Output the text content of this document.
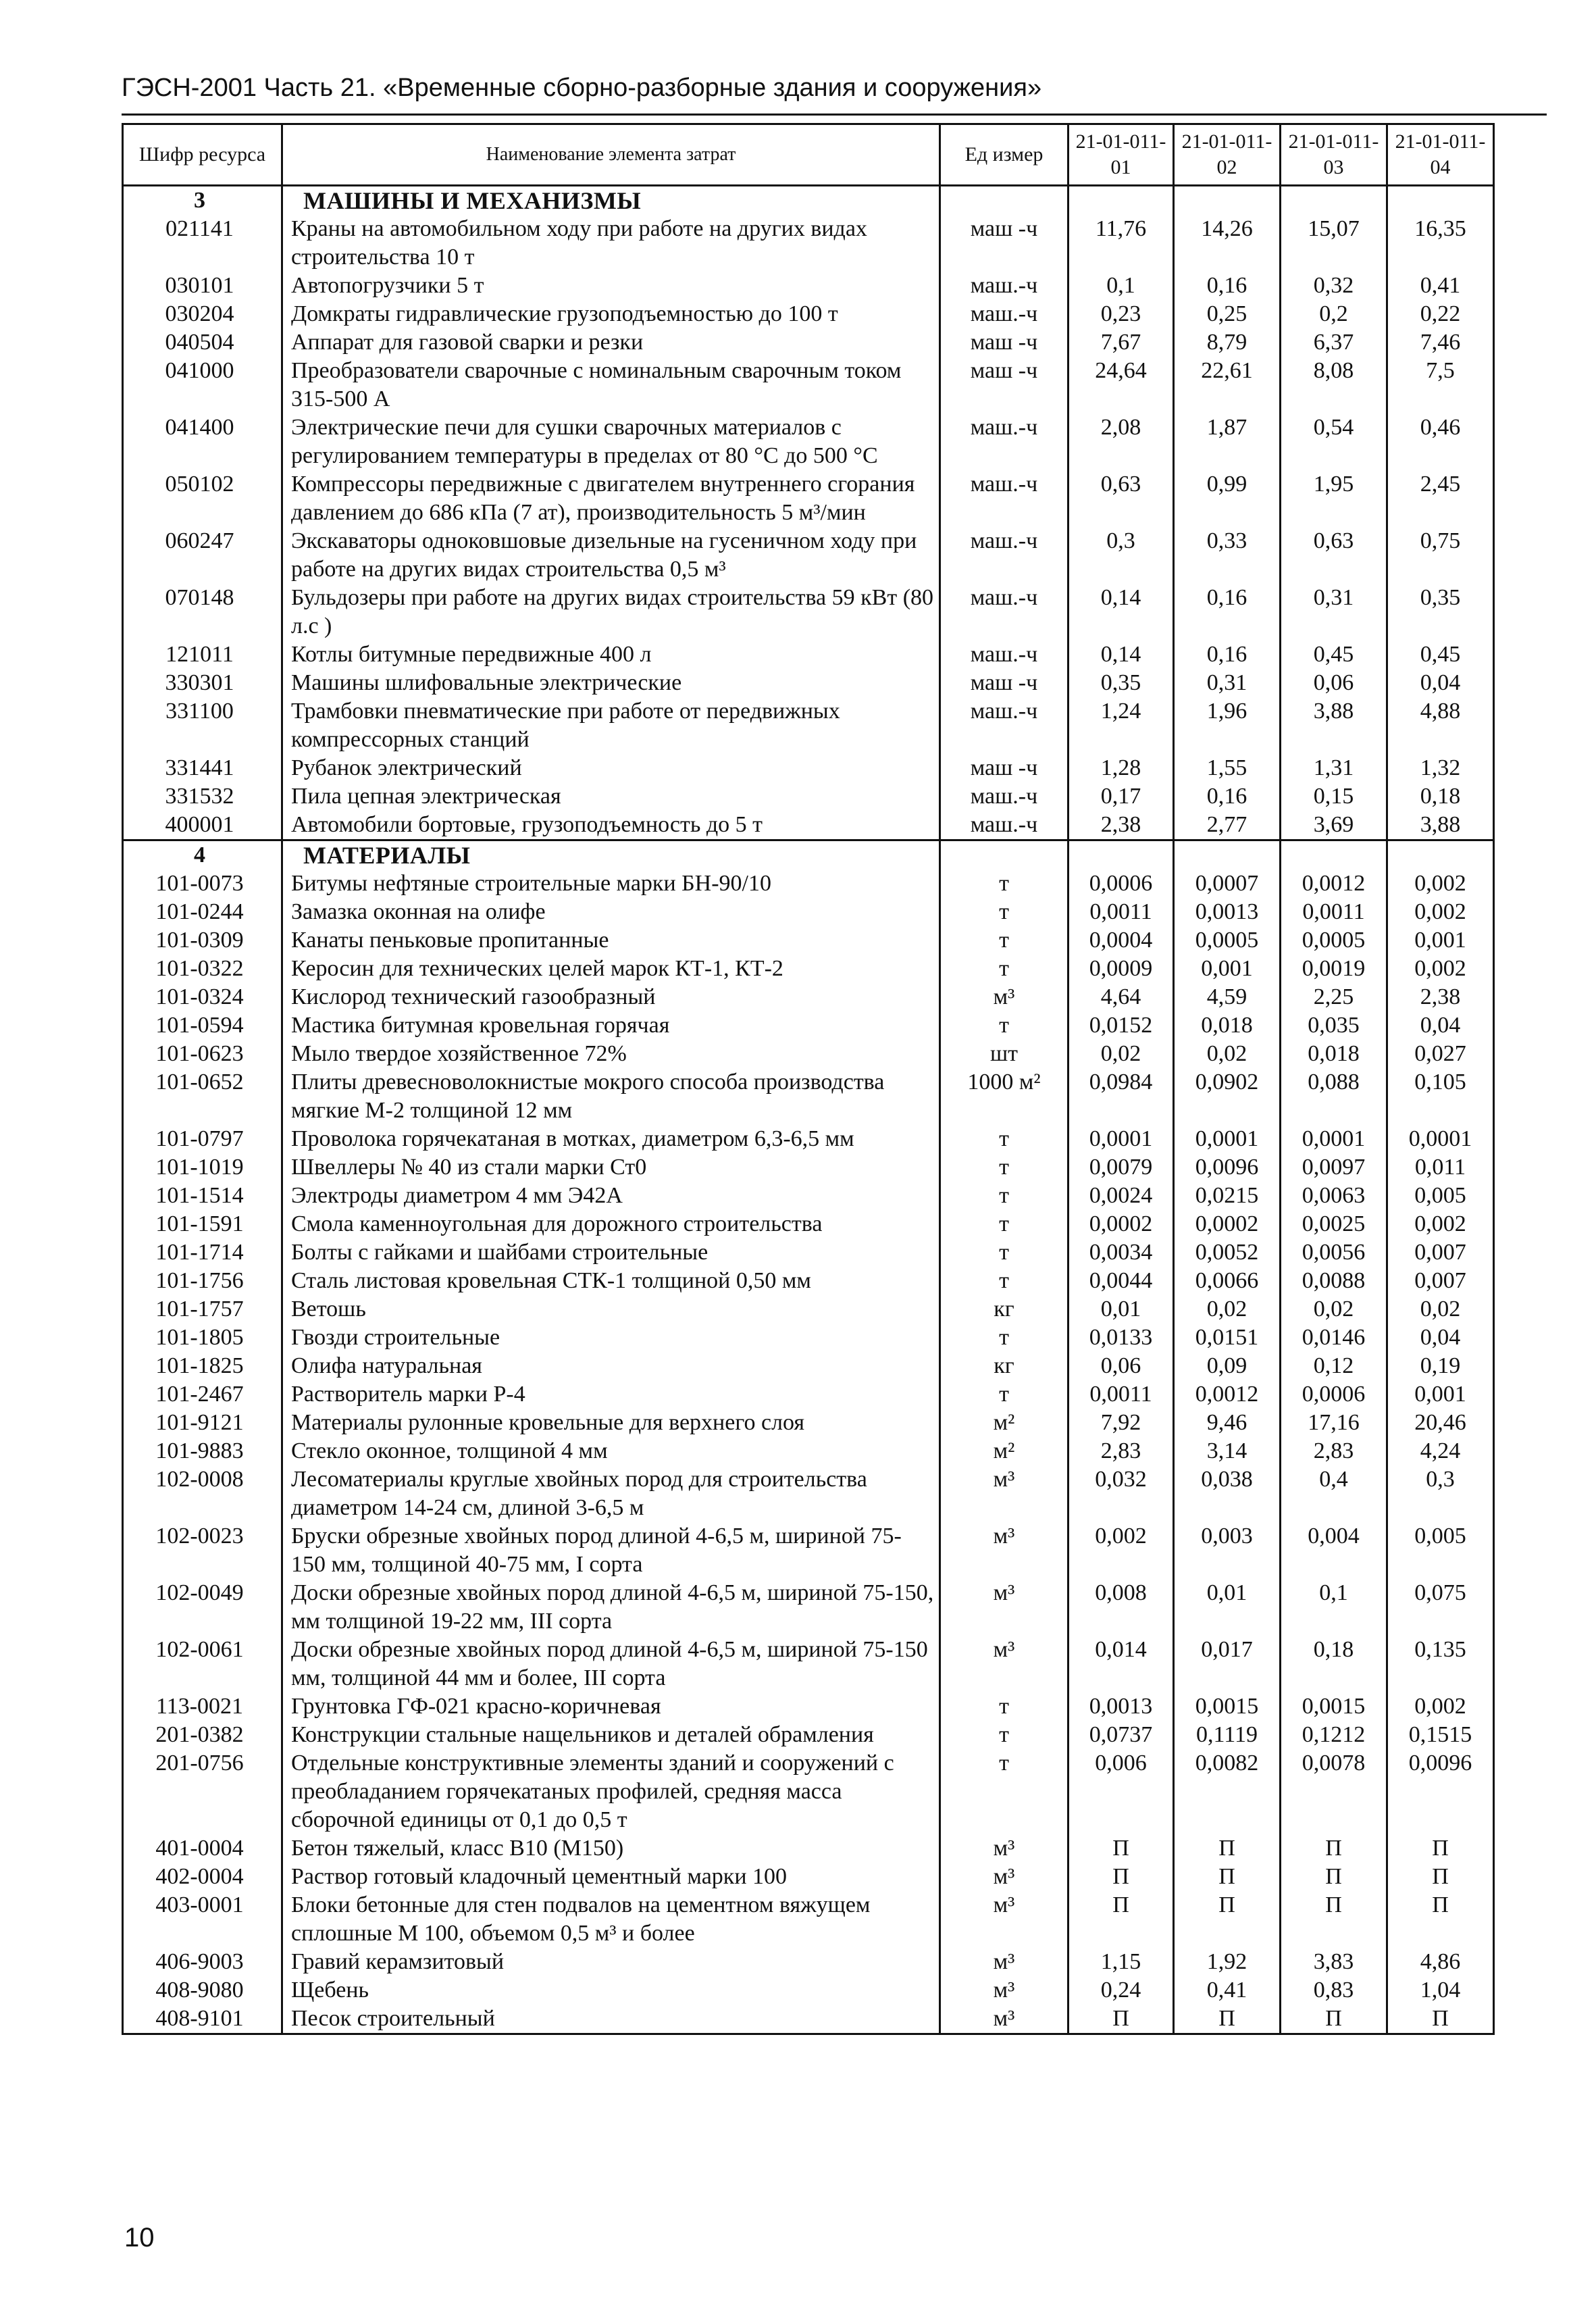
ГЭСН-2001 Часть 21. «Временные сборно-разборные здания и сооружения»
Шифр ресурса	Наименование элемента затрат	Ед измер	21-01-011-01	21-01-011-02	21-01-011-03	21-01-011-04
3	МАШИНЫ И МЕХАНИЗМЫ					
021141	Краны на автомобильном ходу при работе на других видах строительства 10 т	маш -ч	11,76	14,26	15,07	16,35
030101	Автопогрузчики 5 т	маш.-ч	0,1	0,16	0,32	0,41
030204	Домкраты гидравлические грузоподъемностью до 100 т	маш.-ч	0,23	0,25	0,2	0,22
040504	Аппарат для газовой сварки и резки	маш -ч	7,67	8,79	6,37	7,46
041000	Преобразователи сварочные с номинальным сварочным током 315-500 А	маш -ч	24,64	22,61	8,08	7,5
041400	Электрические печи для сушки сварочных материалов с регулированием температуры в пределах от 80 °С до 500 °С	маш.-ч	2,08	1,87	0,54	0,46
050102	Компрессоры передвижные с двигателем внутреннего сгорания давлением до 686 кПа (7 ат), производительность 5 м³/мин	маш.-ч	0,63	0,99	1,95	2,45
060247	Экскаваторы одноковшовые дизельные на гусеничном ходу при работе на других видах строительства 0,5 м³	маш.-ч	0,3	0,33	0,63	0,75
070148	Бульдозеры при работе на других видах строительства 59 кВт (80 л.с )	маш.-ч	0,14	0,16	0,31	0,35
121011	Котлы битумные передвижные 400 л	маш.-ч	0,14	0,16	0,45	0,45
330301	Машины шлифовальные электрические	маш -ч	0,35	0,31	0,06	0,04
331100	Трамбовки пневматические при работе от передвижных компрессорных станций	маш.-ч	1,24	1,96	3,88	4,88
331441	Рубанок электрический	маш -ч	1,28	1,55	1,31	1,32
331532	Пила цепная электрическая	маш.-ч	0,17	0,16	0,15	0,18
400001	Автомобили бортовые, грузоподъемность до 5 т	маш.-ч	2,38	2,77	3,69	3,88
4	МАТЕРИАЛЫ					
101-0073	Битумы нефтяные строительные марки БН-90/10	т	0,0006	0,0007	0,0012	0,002
101-0244	Замазка оконная на олифе	т	0,0011	0,0013	0,0011	0,002
101-0309	Канаты пеньковые пропитанные	т	0,0004	0,0005	0,0005	0,001
101-0322	Керосин для технических целей марок КТ-1, КТ-2	т	0,0009	0,001	0,0019	0,002
101-0324	Кислород технический газообразный	м³	4,64	4,59	2,25	2,38
101-0594	Мастика битумная кровельная горячая	т	0,0152	0,018	0,035	0,04
101-0623	Мыло твердое хозяйственное 72%	шт	0,02	0,02	0,018	0,027
101-0652	Плиты древесноволокнистые мокрого способа производства мягкие М-2 толщиной 12 мм	1000 м²	0,0984	0,0902	0,088	0,105
101-0797	Проволока горячекатаная в мотках, диаметром 6,3-6,5 мм	т	0,0001	0,0001	0,0001	0,0001
101-1019	Швеллеры № 40 из стали марки Ст0	т	0,0079	0,0096	0,0097	0,011
101-1514	Электроды диаметром 4 мм Э42А	т	0,0024	0,0215	0,0063	0,005
101-1591	Смола каменноугольная для дорожного строительства	т	0,0002	0,0002	0,0025	0,002
101-1714	Болты с гайками и шайбами строительные	т	0,0034	0,0052	0,0056	0,007
101-1756	Сталь листовая кровельная СТК-1 толщиной 0,50 мм	т	0,0044	0,0066	0,0088	0,007
101-1757	Ветошь	кг	0,01	0,02	0,02	0,02
101-1805	Гвозди строительные	т	0,0133	0,0151	0,0146	0,04
101-1825	Олифа натуральная	кг	0,06	0,09	0,12	0,19
101-2467	Растворитель марки Р-4	т	0,0011	0,0012	0,0006	0,001
101-9121	Материалы рулонные кровельные для верхнего слоя	м²	7,92	9,46	17,16	20,46
101-9883	Стекло оконное, толщиной 4 мм	м²	2,83	3,14	2,83	4,24
102-0008	Лесоматериалы круглые хвойных пород для строительства диаметром 14-24 см, длиной 3-6,5 м	м³	0,032	0,038	0,4	0,3
102-0023	Бруски обрезные хвойных пород длиной 4-6,5 м, шириной 75-150 мм, толщиной 40-75 мм, I сорта	м³	0,002	0,003	0,004	0,005
102-0049	Доски обрезные хвойных пород длиной 4-6,5 м, шириной 75-150, мм толщиной 19-22 мм, III сорта	м³	0,008	0,01	0,1	0,075
102-0061	Доски обрезные хвойных пород длиной 4-6,5 м, шириной 75-150 мм, толщиной 44 мм и более, III сорта	м³	0,014	0,017	0,18	0,135
113-0021	Грунтовка ГФ-021 красно-коричневая	т	0,0013	0,0015	0,0015	0,002
201-0382	Конструкции стальные нащельников и деталей обрамления	т	0,0737	0,1119	0,1212	0,1515
201-0756	Отдельные конструктивные элементы зданий и сооружений с преобладанием горячекатаных профилей, средняя масса сборочной единицы от 0,1 до 0,5 т	т	0,006	0,0082	0,0078	0,0096
401-0004	Бетон тяжелый, класс В10 (М150)	м³	П	П	П	П
402-0004	Раствор готовый кладочный цементный марки 100	м³	П	П	П	П
403-0001	Блоки бетонные для стен подвалов на цементном вяжущем сплошные М 100, объемом 0,5 м³ и более	м³	П	П	П	П
406-9003	Гравий керамзитовый	м³	1,15	1,92	3,83	4,86
408-9080	Щебень	м³	0,24	0,41	0,83	1,04
408-9101	Песок строительный	м³	П	П	П	П
10
